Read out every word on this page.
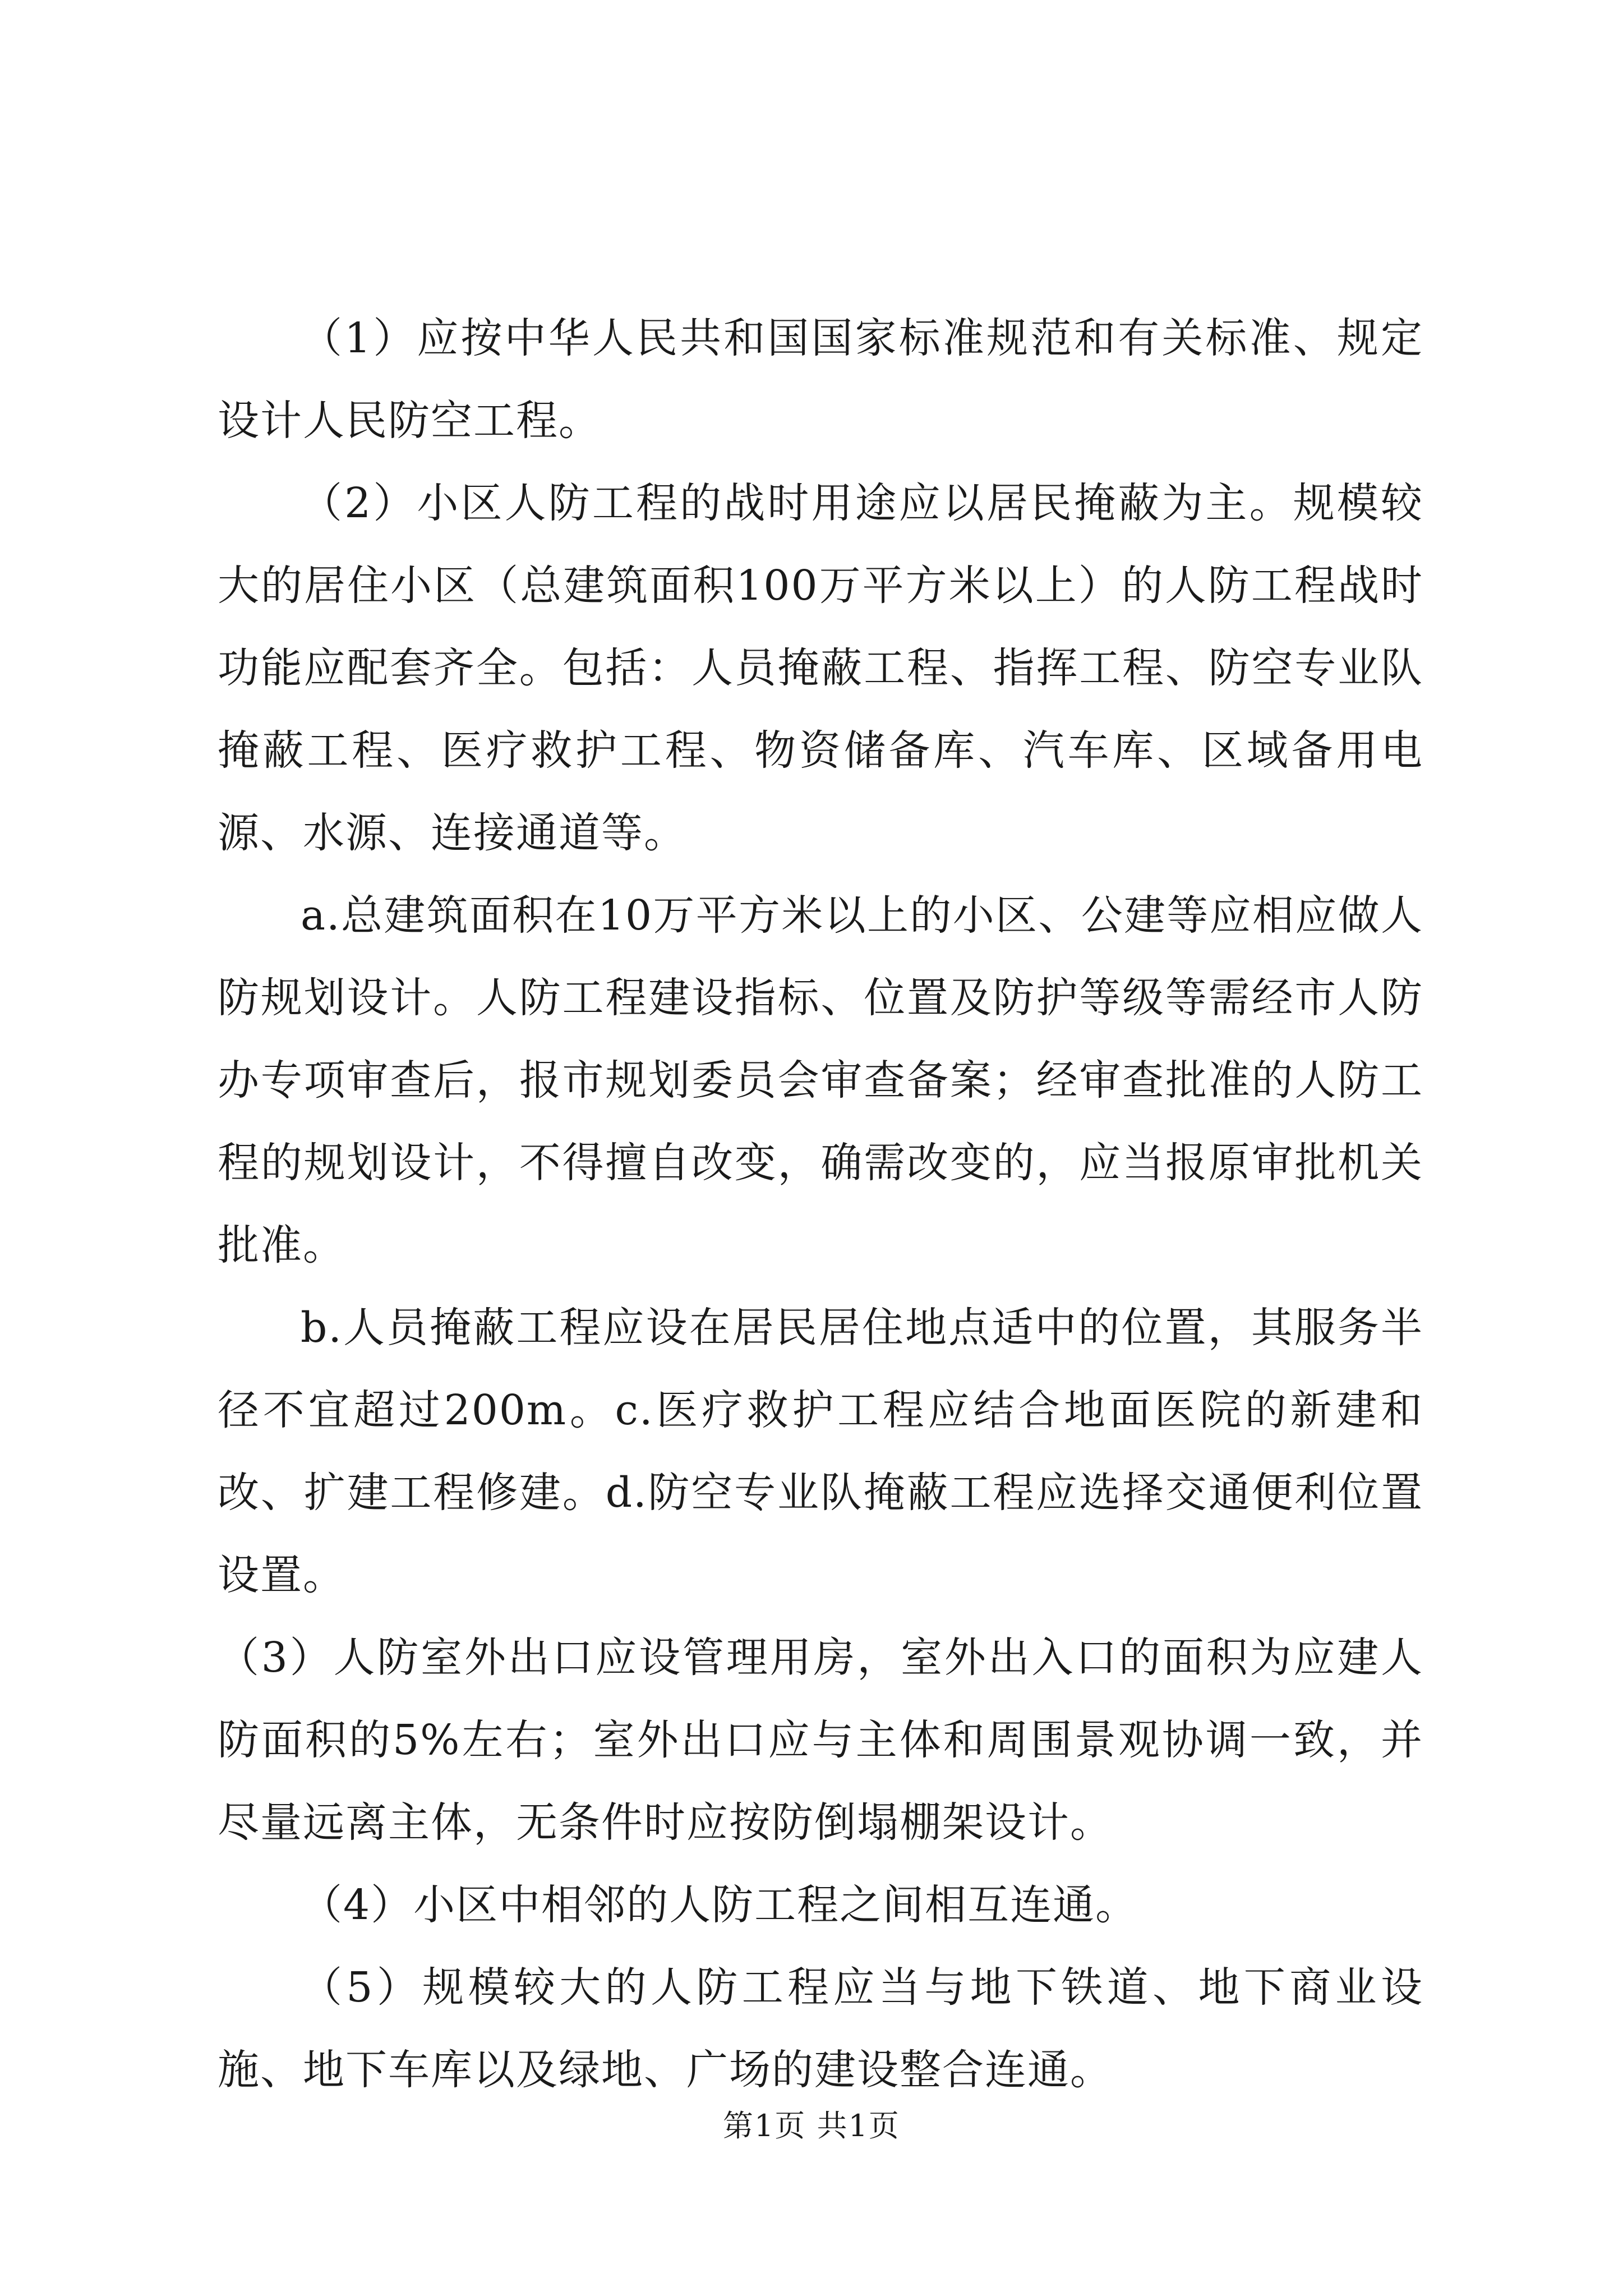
（1）应按中华人民共和国国家标准规范和有关标准、规定设计人民防空工程。

（2）小区人防工程的战时用途应以居民掩蔽为主。规模较大的居住小区（总建筑面积100万平方米以上）的人防工程战时功能应配套齐全。包括：人员掩蔽工程、指挥工程、防空专业队掩蔽工程、医疗救护工程、物资储备库、汽车库、区域备用电源、水源、连接通道等。

a.总建筑面积在10万平方米以上的小区、公建等应相应做人防规划设计。人防工程建设指标、位置及防护等级等需经市人防办专项审查后，报市规划委员会审查备案；经审查批准的人防工程的规划设计，不得擅自改变，确需改变的，应当报原审批机关批准。

b.人员掩蔽工程应设在居民居住地点适中的位置，其服务半径不宜超过200m。c.医疗救护工程应结合地面医院的新建和改、扩建工程修建。d.防空专业队掩蔽工程应选择交通便利位置设置。

（3）人防室外出口应设管理用房，室外出入口的面积为应建人防面积的5%左右；室外出口应与主体和周围景观协调一致，并尽量远离主体，无条件时应按防倒塌棚架设计。

（4）小区中相邻的人防工程之间相互连通。

（5）规模较大的人防工程应当与地下铁道、地下商业设施、地下车库以及绿地、广场的建设整合连通。

第1页 共1页
